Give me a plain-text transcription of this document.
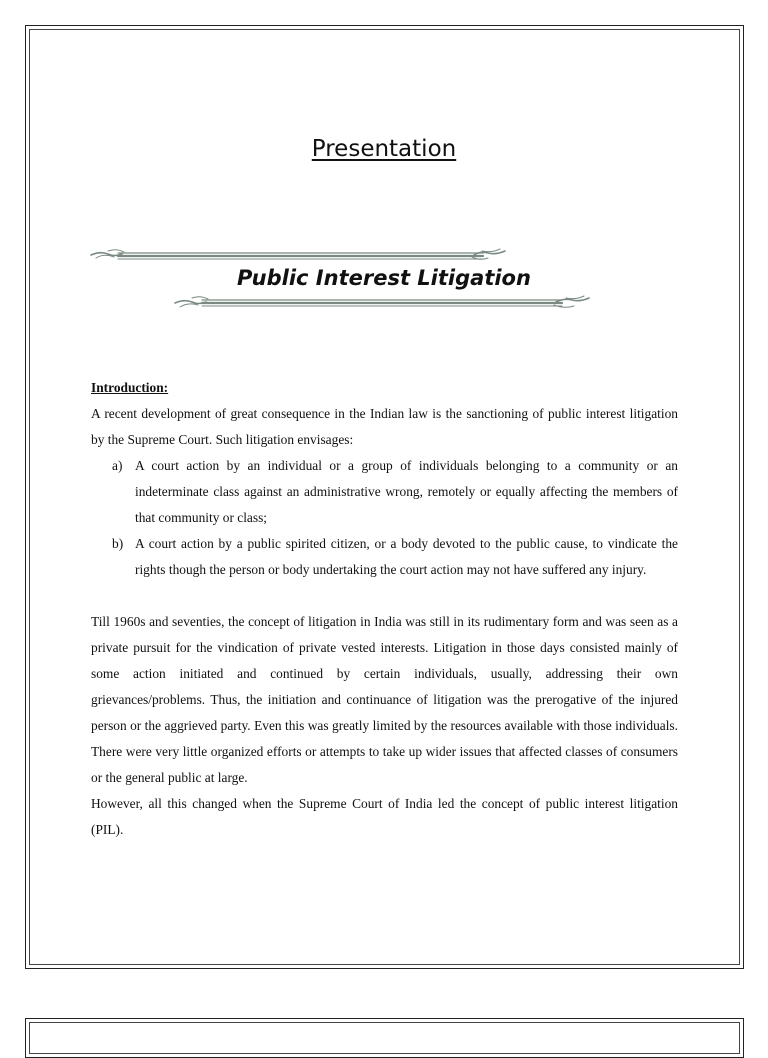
Presentation
Public Interest Litigation
Introduction:

A recent development of great consequence in the Indian law is the sanctioning of public interest litigation by the Supreme Court. Such litigation envisages:

a) A court action by an individual or a group of individuals belonging to a community or an indeterminate class against an administrative wrong, remotely or equally affecting the members of that community or class;
b) A court action by a public spirited citizen, or a body devoted to the public cause, to vindicate the rights though the person or body undertaking the court action may not have suffered any injury.

Till 1960s and seventies, the concept of litigation in India was still in its rudimentary form and was seen as a private pursuit for the vindication of private vested interests. Litigation in those days consisted mainly of some action initiated and continued by certain individuals, usually, addressing their own grievances/problems. Thus, the initiation and continuance of litigation was the prerogative of the injured person or the aggrieved party. Even this was greatly limited by the resources available with those individuals. There were very little organized efforts or attempts to take up wider issues that affected classes of consumers or the general public at large.

However, all this changed when the Supreme Court of India led the concept of public interest litigation (PIL).
